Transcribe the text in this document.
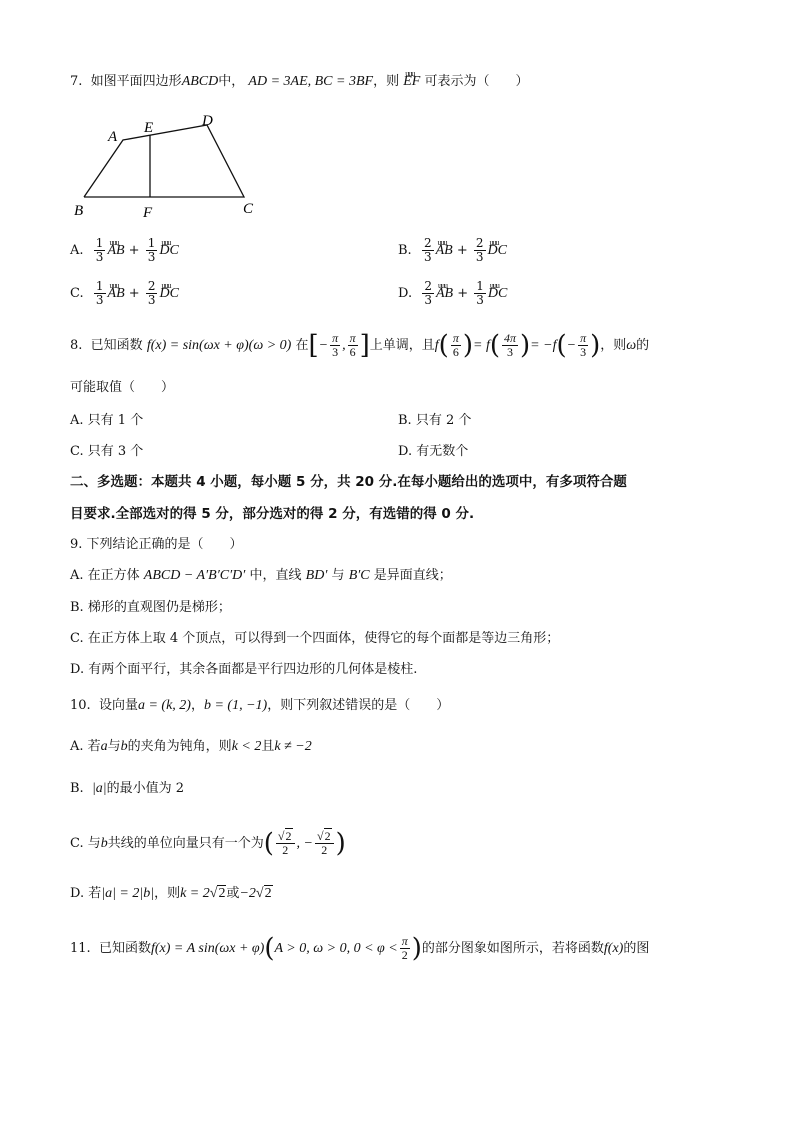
7. 如图平面四边形ABCD中， AD = 3AE, BC = 3BF，则 uuu EF 可表示为（　　）
A
E	D
B	F	C
A. $\frac{1}{3}$ uuu AB + $\frac{1}{3}$ uuu DC	B. $\frac{2}{3}$ uuu AB + $\frac{2}{3}$ uuu DC
C. $\frac{1}{3}$ uuu AB + $\frac{2}{3}$ uuu DC	D. $\frac{2}{3}$ uuu AB + $\frac{1}{3}$ uuu DC
8. 已知函数 f(x) = sin(ωx + φ)(ω > 0) 在[− $\frac{\pi}{3}$ , $\frac{\pi}{6}$ ]上单调，且$f( \frac{\pi}{6}$ )= $f( \frac{4\pi}{3}$ )= $-f(- \frac{\pi}{3}$ )，则ω的
可能取值（　　）
A. 只有 1 个	B. 只有 2 个
C. 只有 3 个	D. 有无数个
二、多选题：本题共 4 小题，每小题 5 分，共 20 分.在每小题给出的选项中，有多项符合题
目要求.全部选对的得 5 分，部分选对的得 2 分，有选错的得 0 分.
9. 下列结论正确的是（　　）
A. 在正方体 ABCD − A′B′C′D′ 中，直线 BD′ 与 B′C 是异面直线；
B. 梯形的直观图仍是梯形；
C. 在正方体上取 4 个顶点，可以得到一个四面体，使得它的每个面都是等边三角形；
D. 有两个面平行，其余各面都是平行四边形的几何体是棱柱.
10. 设向量a = (k, 2)，b = (1, −1)，则下列叙述错误的是（　　）
A. 若a与b的夹角为钝角，则k < 2且k ≠ −2
B. |a|的最小值为 2
C. 与b共线的单位向量只有一个为( $\frac{√2}{2}$ , − $\frac{√2}{2}$ )
D. 若|a| = 2|b|，则k = 2√2或−2√2
11. 已知函数f(x) = A sin(ωx + φ)(A > 0, ω > 0, $0 < \varphi < \frac{\pi}{2}$ )的部分图象如图所示，若将函数f(x)的图
